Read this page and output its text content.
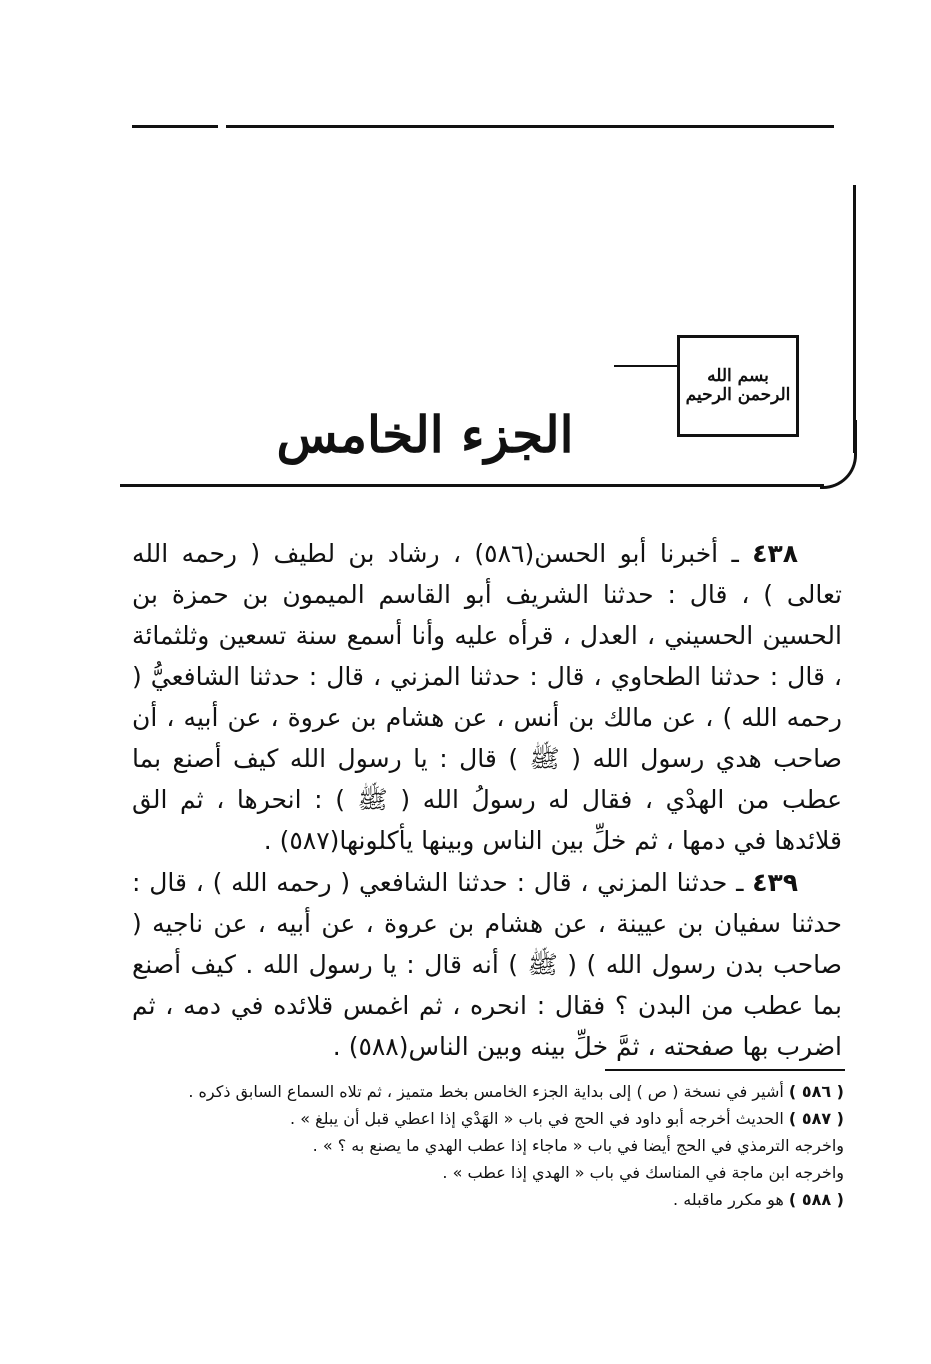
بسم الله الرحمن الرحيم
الجزء الخامس

٤٣٨ ـ أخبرنا أبو الحسن(٥٨٦) ، رشاد بن لطيف ( رحمه الله تعالى ) ، قال : حدثنا الشريف أبو القاسم الميمون بن حمزة بن الحسين الحسيني ، العدل ، قرأه عليه وأنا أسمع سنة تسعين وثلثمائة ، قال : حدثنا الطحاوي ، قال : حدثنا المزني ، قال : حدثنا الشافعيُّ ( رحمه الله ) ، عن مالك بن أنس ، عن هشام بن عروة ، عن أبيه ، أن صاحب هدي رسول الله ( ﷺ ) قال : يا رسول الله كيف أصنع بما عطب من الهدْي ، فقال له رسولُ الله ( ﷺ ) : انحرها ، ثم الق قلائدها في دمها ، ثم خلِّ بين الناس وبينها يأكلونها(٥٨٧) .

٤٣٩ ـ حدثنا المزني ، قال : حدثنا الشافعي ( رحمه الله ) ، قال : حدثنا سفيان بن عيينة ، عن هشام بن عروة ، عن أبيه ، عن ناجيه ( صاحب بدن رسول الله ) ( ﷺ ) أنه قال : يا رسول الله . كيف أصنع بما عطب من البدن ؟ فقال : انحره ، ثم اغمس قلائده في دمه ، ثم اضرب بها صفحته ، ثمَّ خلِّ بينه وبين الناس(٥٨٨) .

( ٥٨٦ ) أشير في نسخة ( ص ) إلى بداية الجزء الخامس بخط متميز ، ثم تلاه السماع السابق ذكره .
( ٥٨٧ ) الحديث أخرجه أبو داود في الحج في باب « الهَدْي إذا اعطي قبل أن يبلغ » .
واخرجه الترمذي في الحج أيضا في باب « ماجاء إذا عطب الهدي ما يصنع به ؟ » .
واخرجه ابن ماجة في المناسك في باب « الهدي إذا عطب » .
( ٥٨٨ ) هو مكرر ماقبله .
